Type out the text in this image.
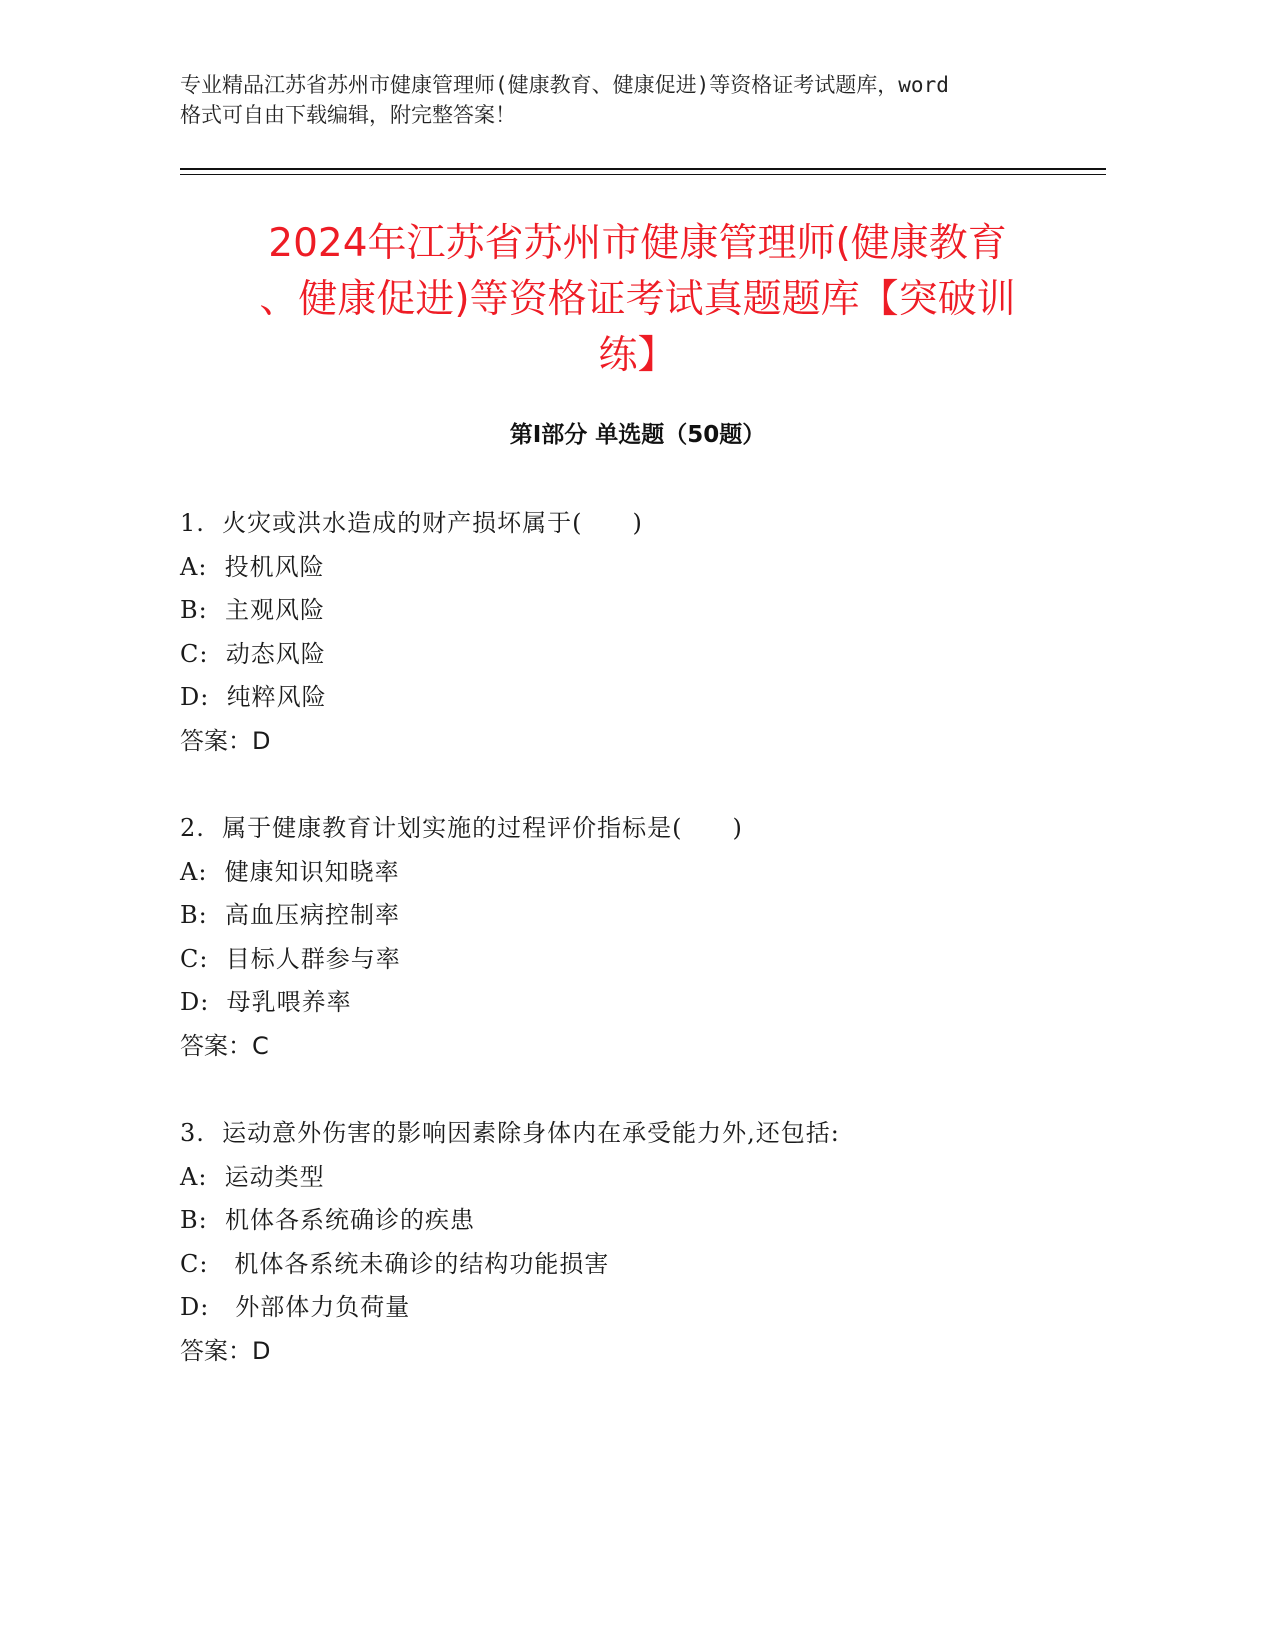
专业精品江苏省苏州市健康管理师(健康教育、健康促进)等资格证考试题库，word
格式可自由下载编辑，附完整答案！
2024年江苏省苏州市健康管理师(健康教育
、健康促进)等资格证考试真题题库【突破训
练】
第Ⅰ部分 单选题（50题）
1.  火灾或洪水造成的财产损坏属于(　　)
A:  投机风险
B:  主观风险
C:  动态风险
D:  纯粹风险
答案：D
2.  属于健康教育计划实施的过程评价指标是(　　)
A:  健康知识知晓率
B:  高血压病控制率
C:  目标人群参与率
D:  母乳喂养率
答案：C
3.  运动意外伤害的影响因素除身体内在承受能力外,还包括:
A:  运动类型
B:  机体各系统确诊的疾患
C:   机体各系统未确诊的结构功能损害
D:   外部体力负荷量
答案：D
